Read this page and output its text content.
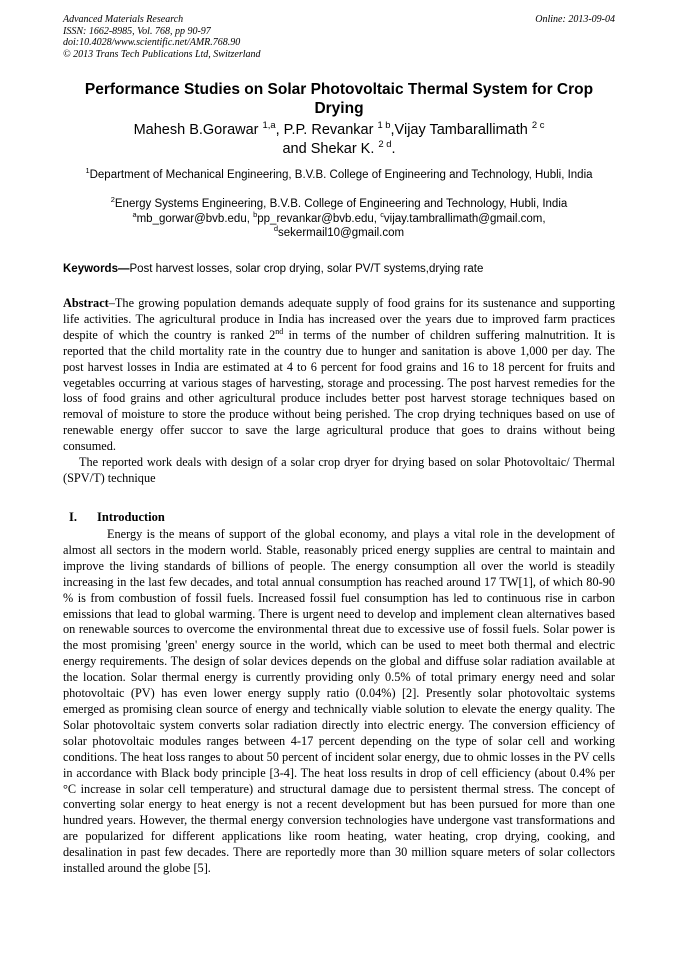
Advanced Materials Research
ISSN: 1662-8985, Vol. 768, pp 90-97
doi:10.4028/www.scientific.net/AMR.768.90
© 2013 Trans Tech Publications Ltd, Switzerland
Online: 2013-09-04
Performance Studies on Solar Photovoltaic Thermal System for Crop Drying
Mahesh B.Gorawar $^{1,a}$, P.P. Revankar $^{1 b}$,Vijay Tambarallimath $^{2 c}$
and Shekar K. $^{2 d}$.
$^1$Department of Mechanical Engineering, B.V.B. College of Engineering and Technology, Hubli, India
$^2$Energy Systems Engineering, B.V.B. College of Engineering and Technology, Hubli, India
$^a$mb_gorwar@bvb.edu, $^b$pp_revankar@bvb.edu, $^c$vijay.tambrallimath@gmail.com,
$^d$sekermail10@gmail.com
Keywords—Post harvest losses, solar crop drying, solar PV/T systems,drying rate

Abstract–The growing population demands adequate supply of food grains for its sustenance and supporting life activities. The agricultural produce in India has increased over the years due to improved farm practices despite of which the country is ranked 2nd in terms of the number of children suffering malnutrition. It is reported that the child mortality rate in the country due to hunger and sanitation is above 1,000 per day. The post harvest losses in India are estimated at 4 to 6 percent for food grains and 16 to 18 percent for fruits and vegetables occurring at various stages of harvesting, storage and processing. The post harvest remedies for the loss of food grains and other agricultural produce includes better post harvest storage techniques based on removal of moisture to store the produce without being perished. The crop drying techniques based on use of renewable energy offer succor to save the large agricultural produce that goes to drains without being consumed.

The reported work deals with design of a solar crop dryer for drying based on solar Photovoltaic/ Thermal (SPV/T) technique

I. Introduction

Energy is the means of support of the global economy, and plays a vital role in the development of almost all sectors in the modern world. Stable, reasonably priced energy supplies are central to maintain and improve the living standards of billions of people. The energy consumption all over the world is steadily increasing in the last few decades, and total annual consumption has reached around 17 TW[1], of which 80-90 % is from combustion of fossil fuels. Increased fossil fuel consumption has led to continuous rise in carbon emissions that lead to global warming. There is urgent need to develop and implement clean alternatives based on renewable sources to overcome the environmental threat due to excessive use of fossil fuels. Solar power is the most promising 'green' energy source in the world, which can be used to meet both thermal and electric energy requirements. The design of solar devices depends on the global and diffuse solar radiation available at the location. Solar thermal energy is currently providing only 0.5% of total primary energy need and solar photovoltaic (PV) has even lower energy supply ratio (0.04%) [2]. Presently solar photovoltaic systems emerged as promising clean source of energy and technically viable solution to elevate the energy quality. The Solar photovoltaic system converts solar radiation directly into electric energy. The conversion efficiency of solar photovoltaic modules ranges between 4-17 percent depending on the type of solar cell and working conditions. The heat loss ranges to about 50 percent of incident solar energy, due to ohmic losses in the PV cells in accordance with Black body principle [3-4]. The heat loss results in drop of cell efficiency (about 0.4% per °C increase in solar cell temperature) and structural damage due to persistent thermal stress. The concept of converting solar energy to heat energy is not a recent development but has been pursued for more than one hundred years. However, the thermal energy conversion technologies have undergone vast transformations and are popularized for different applications like room heating, water heating, crop drying, cooking, and desalination in past few decades. There are reportedly more than 30 million square meters of solar collectors installed around the globe [5].
